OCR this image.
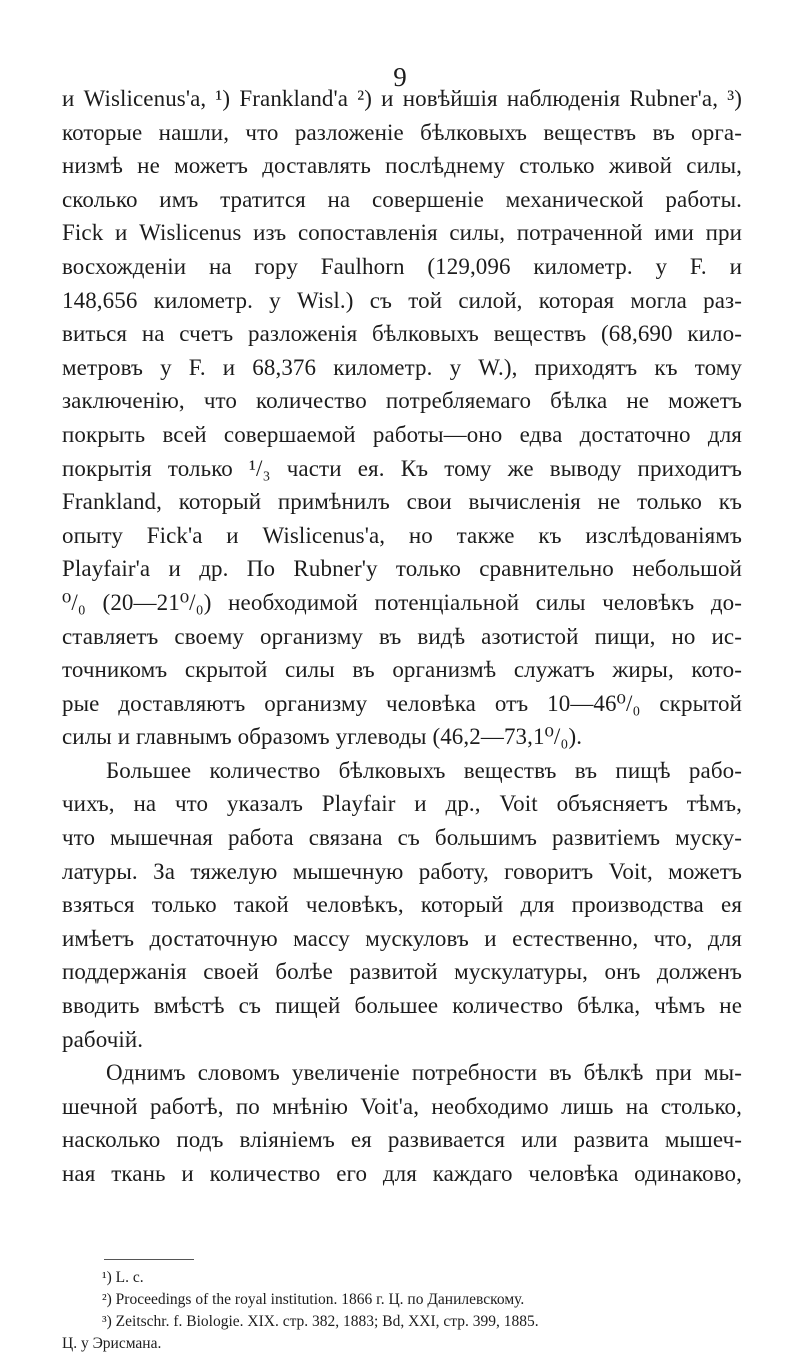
9
и Wislicenus'а, ¹) Frankland'а ²) и новѣйшія наблюденія Rubner'а, ³)
которые нашли, что разложеніе бѣлковыхъ веществъ въ орга-
низмѣ не можетъ доставлять послѣднему столько живой силы,
сколько имъ тратится на совершеніе механической работы.
Fick и Wislicenus изъ сопоставленія силы, потраченной ими при
восхожденіи на гору Faulhorn (129,096 километр. у F. и
148,656 километр. у Wisl.) съ той силой, которая могла раз-
виться на счетъ разложенія бѣлковыхъ веществъ (68,690 кило-
метровъ у F. и 68,376 километр. у W.), приходятъ къ тому
заключенію, что количество потребляемаго бѣлка не можетъ
покрыть всей совершаемой работы—оно едва достаточно для
покрытія только ¹/₃ части ея. Къ тому же выводу приходитъ
Frankland, который примѣнилъ свои вычисленія не только къ
опыту Fick'а и Wislicenus'а, но также къ изслѣдованіямъ
Playfair'а и др. По Rubner'у только сравнительно небольшой
⁰/₀ (20—21⁰/₀) необходимой потенціальной силы человѣкъ до-
ставляетъ своему организму въ видѣ азотистой пищи, но ис-
точникомъ скрытой силы въ организмѣ служатъ жиры, кото-
рые доставляютъ организму человѣка отъ 10—46⁰/₀ скрытой
силы и главнымъ образомъ углеводы (46,2—73,1⁰/₀).
Большее количество бѣлковыхъ веществъ въ пищѣ рабо-
чихъ, на что указалъ Playfair и др., Voit объясняетъ тѣмъ,
что мышечная работа связана съ большимъ развитіемъ муску-
латуры. За тяжелую мышечную работу, говоритъ Voit, можетъ
взяться только такой человѣкъ, который для производства ея
имѣетъ достаточную массу мускуловъ и естественно, что, для
поддержанія своей болѣе развитой мускулатуры, онъ долженъ
вводить вмѣстѣ съ пищей большее количество бѣлка, чѣмъ не
рабочій.
Однимъ словомъ увеличеніе потребности въ бѣлкѣ при мы-
шечной работѣ, по мнѣнію Voit'а, необходимо лишь на столько,
насколько подъ вліяніемъ ея развивается или развита мышеч-
ная ткань и количество его для каждаго человѣка одинаково,
¹) L. c.
²) Proceedings of the royal institution. 1866 г. Ц. по Данилевскому.
³) Zeitschr. f. Biologie. XIX. стр. 382, 1883; Bd, XXI, стр. 399, 1885.
Ц. у Эрисмана.
